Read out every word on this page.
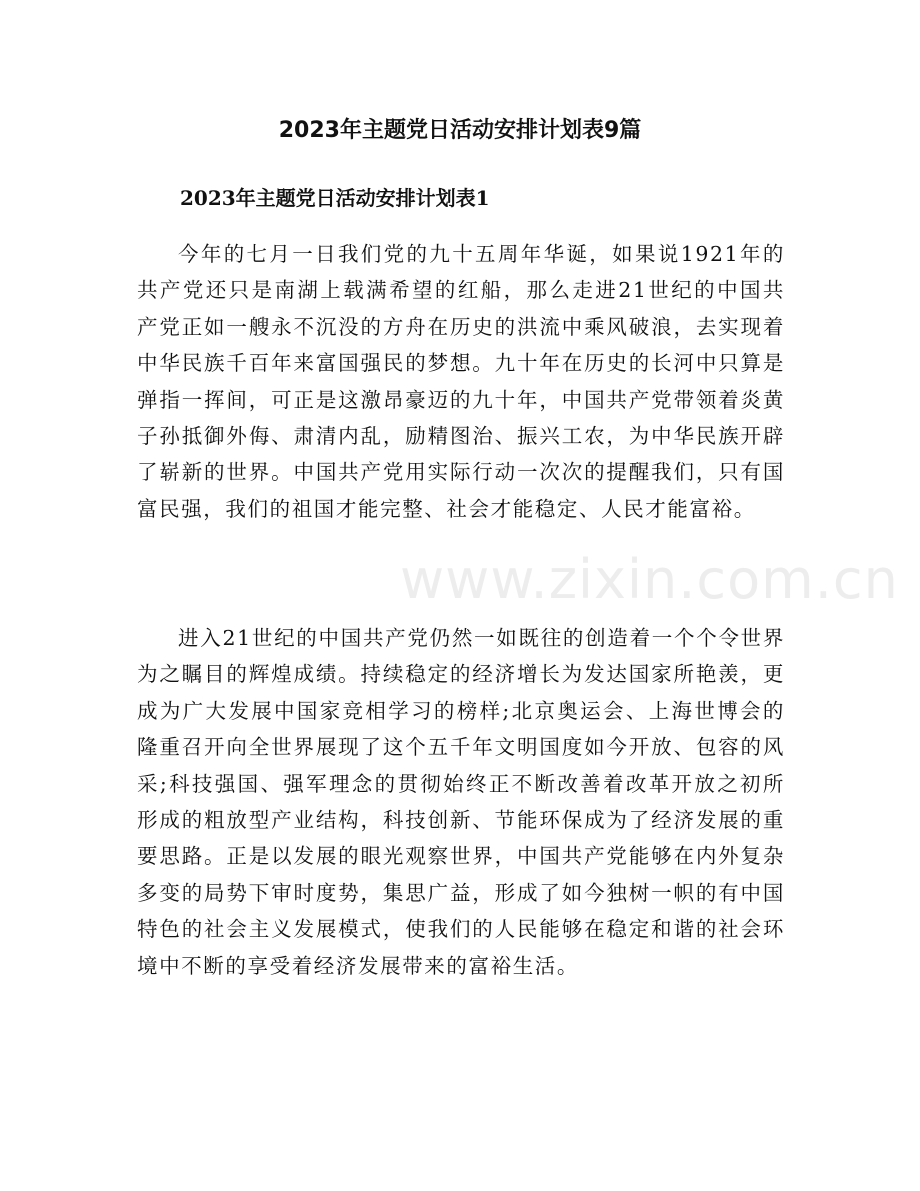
www.zixin.com.cn
2023年主题党日活动安排计划表9篇
2023年主题党日活动安排计划表1

今年的七月一日我们党的九十五周年华诞，如果说1921年的共产党还只是南湖上载满希望的红船，那么走进21世纪的中国共产党正如一艘永不沉没的方舟在历史的洪流中乘风破浪，去实现着中华民族千百年来富国强民的梦想。九十年在历史的长河中只算是弹指一挥间，可正是这激昂豪迈的九十年，中国共产党带领着炎黄子孙抵御外侮、肃清内乱，励精图治、振兴工农，为中华民族开辟了崭新的世界。中国共产党用实际行动一次次的提醒我们，只有国富民强，我们的祖国才能完整、社会才能稳定、人民才能富裕。

进入21世纪的中国共产党仍然一如既往的创造着一个个令世界为之瞩目的辉煌成绩。持续稳定的经济增长为发达国家所艳羡，更成为广大发展中国家竞相学习的榜样;北京奥运会、上海世博会的隆重召开向全世界展现了这个五千年文明国度如今开放、包容的风采;科技强国、强军理念的贯彻始终正不断改善着改革开放之初所形成的粗放型产业结构，科技创新、节能环保成为了经济发展的重要思路。正是以发展的眼光观察世界，中国共产党能够在内外复杂多变的局势下审时度势，集思广益，形成了如今独树一帜的有中国特色的社会主义发展模式，使我们的人民能够在稳定和谐的社会环境中不断的享受着经济发展带来的富裕生活。
